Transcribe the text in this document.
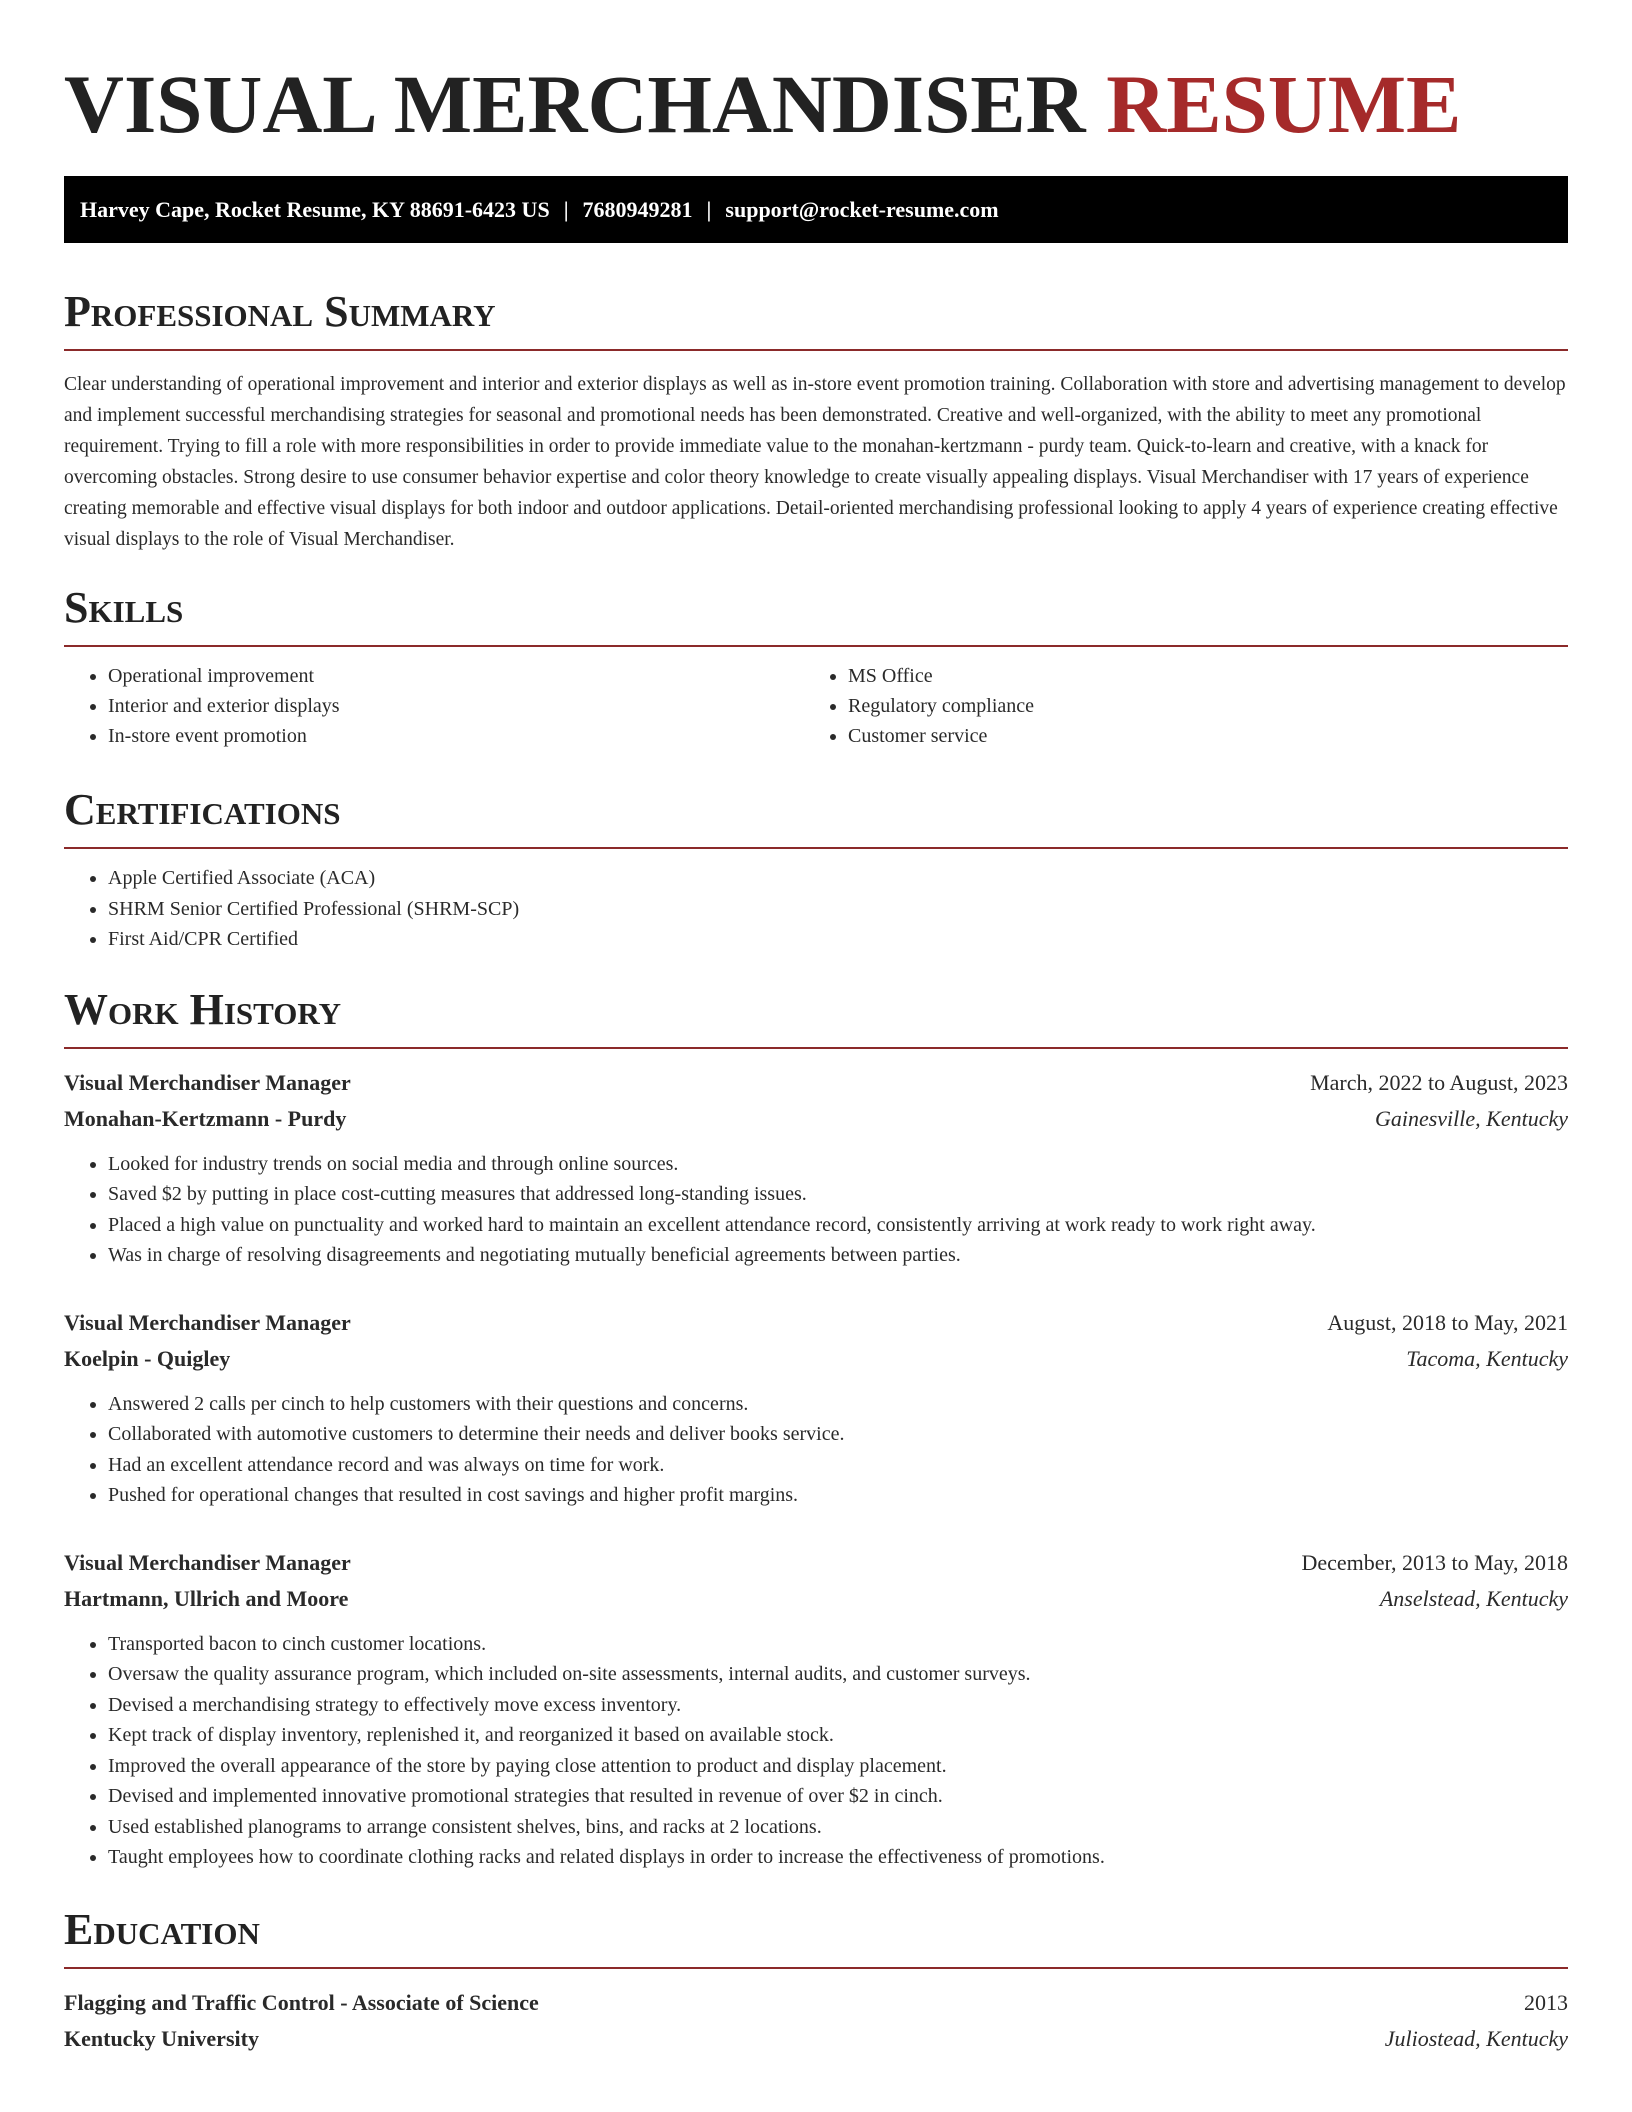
VISUAL MERCHANDISER RESUME
Harvey Cape, Rocket Resume, KY 88691-6423 US | 7680949281 | support@rocket-resume.com
Professional Summary

Clear understanding of operational improvement and interior and exterior displays as well as in-store event promotion training. Collaboration with store and advertising management to develop and implement successful merchandising strategies for seasonal and promotional needs has been demonstrated. Creative and well-organized, with the ability to meet any promotional requirement. Trying to fill a role with more responsibilities in order to provide immediate value to the monahan-kertzmann - purdy team. Quick-to-learn and creative, with a knack for overcoming obstacles. Strong desire to use consumer behavior expertise and color theory knowledge to create visually appealing displays. Visual Merchandiser with 17 years of experience creating memorable and effective visual displays for both indoor and outdoor applications. Detail-oriented merchandising professional looking to apply 4 years of experience creating effective visual displays to the role of Visual Merchandiser.

Skills
• Operational improvement
• Interior and exterior displays
• In-store event promotion
• MS Office
• Regulatory compliance
• Customer service
Certifications
• Apple Certified Associate (ACA)
• SHRM Senior Certified Professional (SHRM-SCP)
• First Aid/CPR Certified
Work History
Visual Merchandiser Manager	March, 2022 to August, 2023
Monahan-Kertzmann - Purdy	Gainesville, Kentucky
• Looked for industry trends on social media and through online sources.
• Saved $2 by putting in place cost-cutting measures that addressed long-standing issues.
• Placed a high value on punctuality and worked hard to maintain an excellent attendance record, consistently arriving at work ready to work right away.
• Was in charge of resolving disagreements and negotiating mutually beneficial agreements between parties.
Visual Merchandiser Manager	August, 2018 to May, 2021
Koelpin - Quigley	Tacoma, Kentucky
• Answered 2 calls per cinch to help customers with their questions and concerns.
• Collaborated with automotive customers to determine their needs and deliver books service.
• Had an excellent attendance record and was always on time for work.
• Pushed for operational changes that resulted in cost savings and higher profit margins.
Visual Merchandiser Manager	December, 2013 to May, 2018
Hartmann, Ullrich and Moore	Anselstead, Kentucky
• Transported bacon to cinch customer locations.
• Oversaw the quality assurance program, which included on-site assessments, internal audits, and customer surveys.
• Devised a merchandising strategy to effectively move excess inventory.
• Kept track of display inventory, replenished it, and reorganized it based on available stock.
• Improved the overall appearance of the store by paying close attention to product and display placement.
• Devised and implemented innovative promotional strategies that resulted in revenue of over $2 in cinch.
• Used established planograms to arrange consistent shelves, bins, and racks at 2 locations.
• Taught employees how to coordinate clothing racks and related displays in order to increase the effectiveness of promotions.
Education
Flagging and Traffic Control - Associate of Science	2013
Kentucky University	Juliostead, Kentucky
